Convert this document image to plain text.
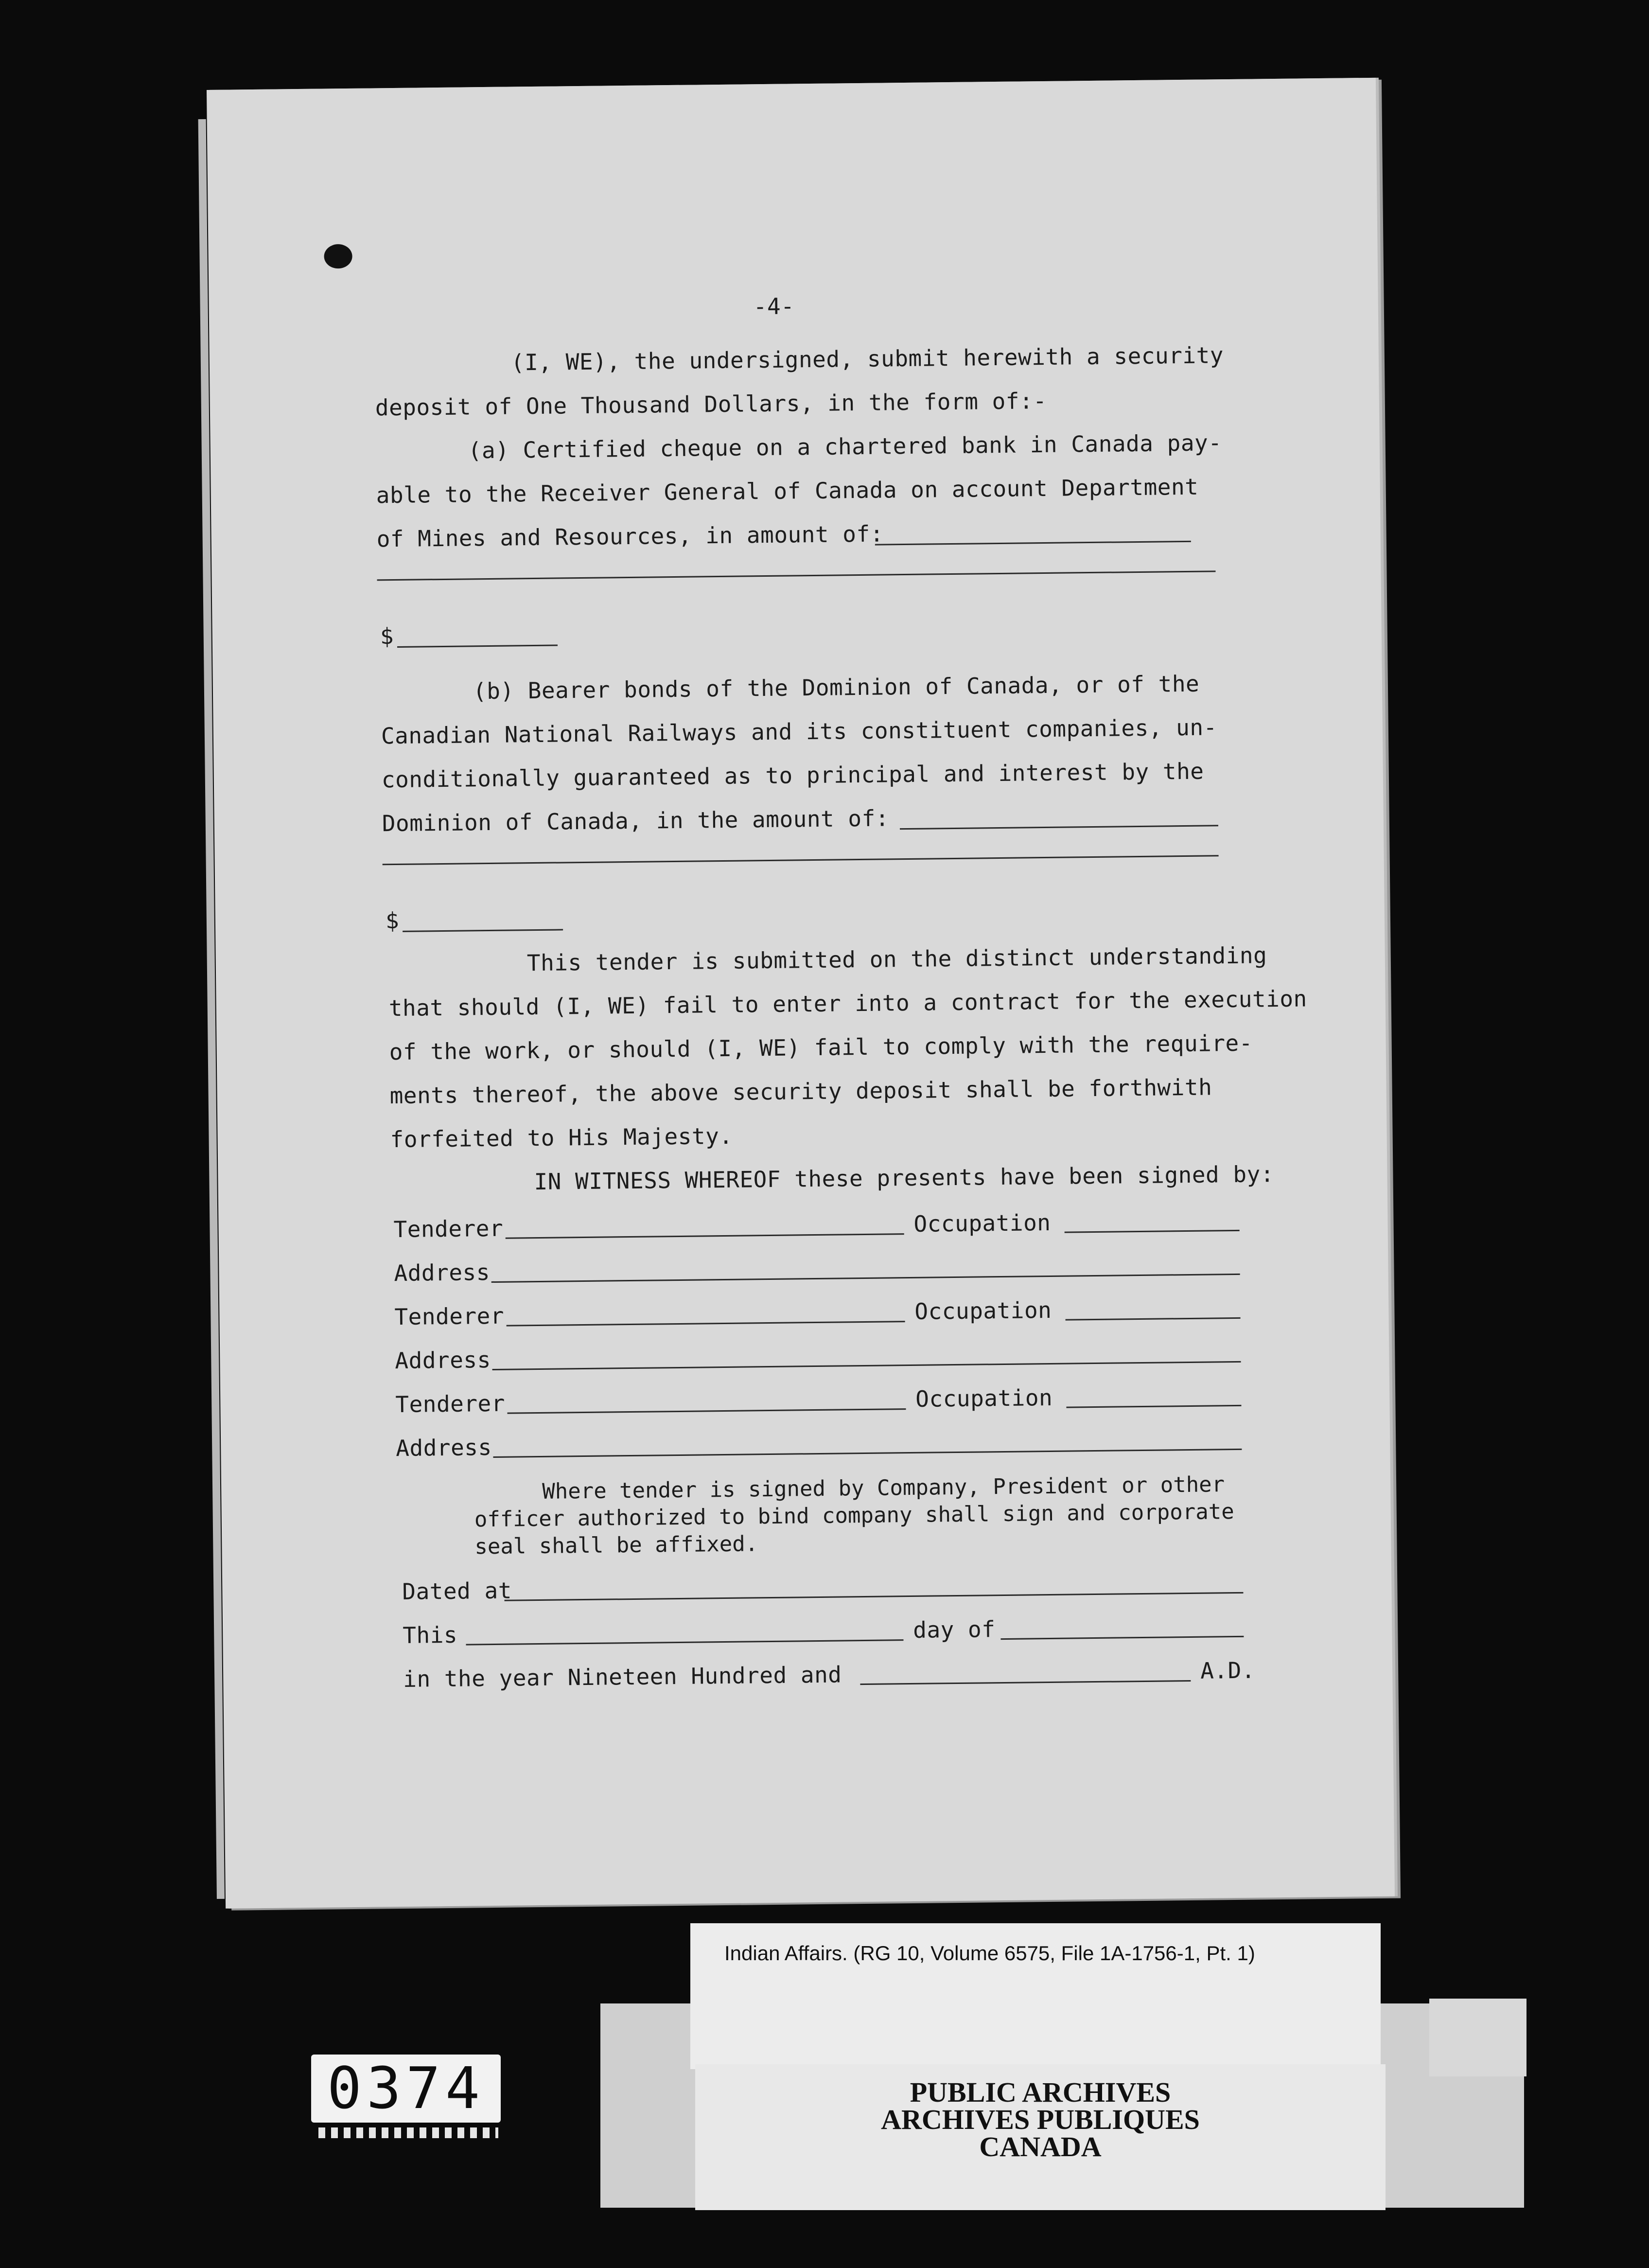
-4-
(I, WE), the undersigned, submit herewith a security
deposit of One Thousand Dollars, in the form of:-
(a) Certified cheque on a chartered bank in Canada pay-
able to the Receiver General of Canada on account Department
of Mines and Resources, in amount of:
$
(b) Bearer bonds of the Dominion of Canada, or of the
Canadian National Railways and its constituent companies, un-
conditionally guaranteed as to principal and interest by the
Dominion of Canada, in the amount of:
$
This tender is submitted on the distinct understanding
that should (I, WE) fail to enter into a contract for the execution
of the work, or should (I, WE) fail to comply with the require-
ments thereof, the above security deposit shall be forthwith
forfeited to His Majesty.
IN WITNESS WHEREOF these presents have been signed by:
Tenderer	Occupation
Address
Tenderer	Occupation
Address
Tenderer	Occupation
Address
Where tender is signed by Company, President or other
officer authorized to bind company shall sign and corporate
seal shall be affixed.
Dated at
This	day of
in the year Nineteen Hundred and	A.D.
Indian Affairs. (RG 10, Volume 6575, File 1A-1756-1, Pt. 1)
PUBLIC ARCHIVES
ARCHIVES PUBLIQUES
CANADA
0374
